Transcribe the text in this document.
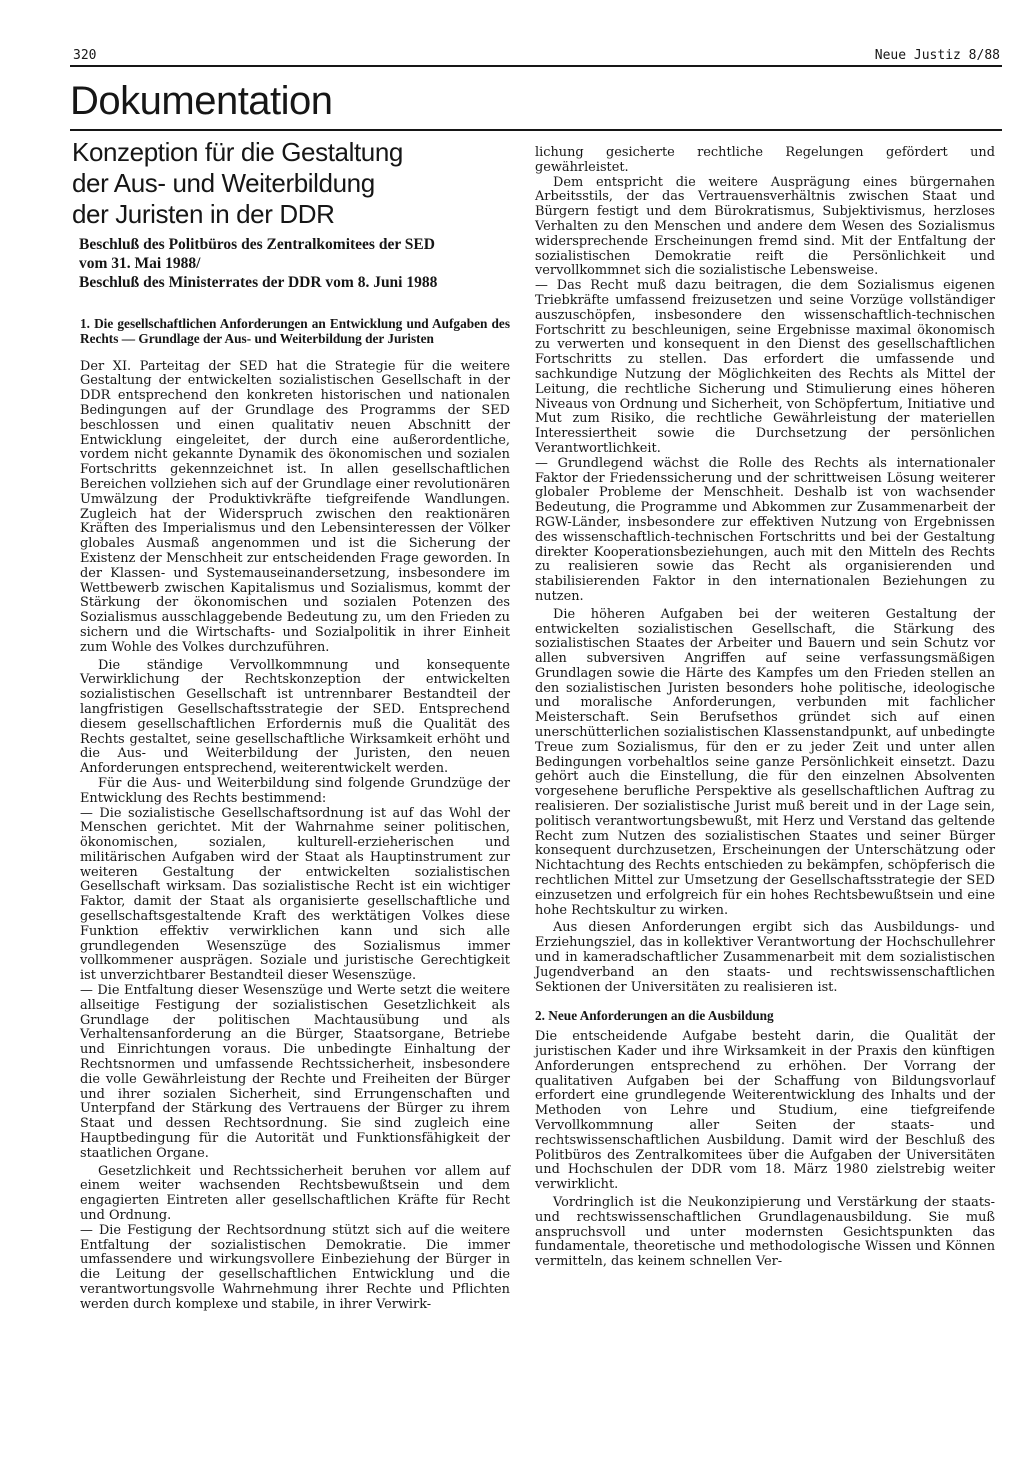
320	Neue Justiz 8/88
Dokumentation
Konzeption für die Gestaltung
der Aus- und Weiterbildung
der Juristen in der DDR
Beschluß des Politbüros des Zentralkomitees der SED
vom 31. Mai 1988/
Beschluß des Ministerrates der DDR vom 8. Juni 1988
1. Die gesellschaftlichen Anforderungen an Entwicklung und Aufgaben des Rechts — Grundlage der Aus- und Weiterbildung der Juristen

Der XI. Parteitag der SED hat die Strategie für die weitere Gestaltung der entwickelten sozialistischen Gesellschaft in der DDR entsprechend den konkreten historischen und nationalen Bedingungen auf der Grundlage des Programms der SED beschlossen und einen qualitativ neuen Abschnitt der Entwicklung eingeleitet, der durch eine außerordentliche, vordem nicht gekannte Dynamik des ökonomischen und sozialen Fortschritts gekennzeichnet ist. In allen gesellschaftlichen Bereichen vollziehen sich auf der Grundlage einer revolutionären Umwälzung der Produktivkräfte tiefgreifende Wandlungen. Zugleich hat der Widerspruch zwischen den reaktionären Kräften des Imperialismus und den Lebensinteressen der Völker globales Ausmaß angenommen und ist die Sicherung der Existenz der Menschheit zur entscheidenden Frage geworden. In der Klassen- und Systemauseinandersetzung, insbesondere im Wettbewerb zwischen Kapitalismus und Sozialismus, kommt der Stärkung der ökonomischen und sozialen Potenzen des Sozialismus ausschlaggebende Bedeutung zu, um den Frieden zu sichern und die Wirtschafts- und Sozialpolitik in ihrer Einheit zum Wohle des Volkes durchzuführen.

Die ständige Vervollkommnung und konsequente Verwirklichung der Rechtskonzeption der entwickelten sozialistischen Gesellschaft ist untrennbarer Bestandteil der langfristigen Gesellschaftsstrategie der SED. Entsprechend diesem gesellschaftlichen Erfordernis muß die Qualität des Rechts gestaltet, seine gesellschaftliche Wirksamkeit erhöht und die Aus- und Weiterbildung der Juristen, den neuen Anforderungen entsprechend, weiterentwickelt werden.

Für die Aus- und Weiterbildung sind folgende Grundzüge der Entwicklung des Rechts bestimmend:

— Die sozialistische Gesellschaftsordnung ist auf das Wohl der Menschen gerichtet. Mit der Wahrnahme seiner politischen, ökonomischen, sozialen, kulturell-erzieherischen und militärischen Aufgaben wird der Staat als Hauptinstrument zur weiteren Gestaltung der entwickelten sozialistischen Gesellschaft wirksam. Das sozialistische Recht ist ein wichtiger Faktor, damit der Staat als organisierte gesellschaftliche und gesellschaftsgestaltende Kraft des werktätigen Volkes diese Funktion effektiv verwirklichen kann und sich alle grundlegenden Wesenszüge des Sozialismus immer vollkommener ausprägen. Soziale und juristische Gerechtigkeit ist unverzichtbarer Bestandteil dieser Wesenszüge.

— Die Entfaltung dieser Wesenszüge und Werte setzt die weitere allseitige Festigung der sozialistischen Gesetzlichkeit als Grundlage der politischen Machtausübung und als Verhaltensanforderung an die Bürger, Staatsorgane, Betriebe und Einrichtungen voraus. Die unbedingte Einhaltung der Rechtsnormen und umfassende Rechtssicherheit, insbesondere die volle Gewährleistung der Rechte und Freiheiten der Bürger und ihrer sozialen Sicherheit, sind Errungenschaften und Unterpfand der Stärkung des Vertrauens der Bürger zu ihrem Staat und dessen Rechtsordnung. Sie sind zugleich eine Hauptbedingung für die Autorität und Funktionsfähigkeit der staatlichen Organe.

Gesetzlichkeit und Rechtssicherheit beruhen vor allem auf einem weiter wachsenden Rechtsbewußtsein und dem engagierten Eintreten aller gesellschaftlichen Kräfte für Recht und Ordnung.

— Die Festigung der Rechtsordnung stützt sich auf die weitere Entfaltung der sozialistischen Demokratie. Die immer umfassendere und wirkungsvollere Einbeziehung der Bürger in die Leitung der gesellschaftlichen Entwicklung und die verantwortungsvolle Wahrnehmung ihrer Rechte und Pflichten werden durch komplexe und stabile, in ihrer Verwirk-

lichung gesicherte rechtliche Regelungen gefördert und gewährleistet.

Dem entspricht die weitere Ausprägung eines bürgernahen Arbeitsstils, der das Vertrauensverhältnis zwischen Staat und Bürgern festigt und dem Bürokratismus, Subjektivismus, herzloses Verhalten zu den Menschen und andere dem Wesen des Sozialismus widersprechende Erscheinungen fremd sind. Mit der Entfaltung der sozialistischen Demokratie reift die Persönlichkeit und vervollkommnet sich die sozialistische Lebensweise.

— Das Recht muß dazu beitragen, die dem Sozialismus eigenen Triebkräfte umfassend freizusetzen und seine Vorzüge vollständiger auszuschöpfen, insbesondere den wissenschaftlich-technischen Fortschritt zu beschleunigen, seine Ergebnisse maximal ökonomisch zu verwerten und konsequent in den Dienst des gesellschaftlichen Fortschritts zu stellen. Das erfordert die umfassende und sachkundige Nutzung der Möglichkeiten des Rechts als Mittel der Leitung, die rechtliche Sicherung und Stimulierung eines höheren Niveaus von Ordnung und Sicherheit, von Schöpfertum, Initiative und Mut zum Risiko, die rechtliche Gewährleistung der materiellen Interessiertheit sowie die Durchsetzung der persönlichen Verantwortlichkeit.

— Grundlegend wächst die Rolle des Rechts als internationaler Faktor der Friedenssicherung und der schrittweisen Lösung weiterer globaler Probleme der Menschheit. Deshalb ist von wachsender Bedeutung, die Programme und Abkommen zur Zusammenarbeit der RGW-Länder, insbesondere zur effektiven Nutzung von Ergebnissen des wissenschaftlich-technischen Fortschritts und bei der Gestaltung direkter Kooperationsbeziehungen, auch mit den Mitteln des Rechts zu realisieren sowie das Recht als organisierenden und stabilisierenden Faktor in den internationalen Beziehungen zu nutzen.

Die höheren Aufgaben bei der weiteren Gestaltung der entwickelten sozialistischen Gesellschaft, die Stärkung des sozialistischen Staates der Arbeiter und Bauern und sein Schutz vor allen subversiven Angriffen auf seine verfassungsmäßigen Grundlagen sowie die Härte des Kampfes um den Frieden stellen an den sozialistischen Juristen besonders hohe politische, ideologische und moralische Anforderungen, verbunden mit fachlicher Meisterschaft. Sein Berufsethos gründet sich auf einen unerschütterlichen sozialistischen Klassenstandpunkt, auf unbedingte Treue zum Sozialismus, für den er zu jeder Zeit und unter allen Bedingungen vorbehaltlos seine ganze Persönlichkeit einsetzt. Dazu gehört auch die Einstellung, die für den einzelnen Absolventen vorgesehene berufliche Perspektive als gesellschaftlichen Auftrag zu realisieren. Der sozialistische Jurist muß bereit und in der Lage sein, politisch verantwortungsbewußt, mit Herz und Verstand das geltende Recht zum Nutzen des sozialistischen Staates und seiner Bürger konsequent durchzusetzen, Erscheinungen der Unterschätzung oder Nichtachtung des Rechts entschieden zu bekämpfen, schöpferisch die rechtlichen Mittel zur Umsetzung der Gesellschaftsstrategie der SED einzusetzen und erfolgreich für ein hohes Rechtsbewußtsein und eine hohe Rechtskultur zu wirken.

Aus diesen Anforderungen ergibt sich das Ausbildungs- und Erziehungsziel, das in kollektiver Verantwortung der Hochschullehrer und in kameradschaftlicher Zusammenarbeit mit dem sozialistischen Jugendverband an den staats- und rechtswissenschaftlichen Sektionen der Universitäten zu realisieren ist.

2. Neue Anforderungen an die Ausbildung

Die entscheidende Aufgabe besteht darin, die Qualität der juristischen Kader und ihre Wirksamkeit in der Praxis den künftigen Anforderungen entsprechend zu erhöhen. Der Vorrang der qualitativen Aufgaben bei der Schaffung von Bildungsvorlauf erfordert eine grundlegende Weiterentwicklung des Inhalts und der Methoden von Lehre und Studium, eine tiefgreifende Vervollkommnung aller Seiten der staats- und rechtswissenschaftlichen Ausbildung. Damit wird der Beschluß des Politbüros des Zentralkomitees über die Aufgaben der Universitäten und Hochschulen der DDR vom 18. März 1980 zielstrebig weiter verwirklicht.

Vordringlich ist die Neukonzipierung und Verstärkung der staats- und rechtswissenschaftlichen Grundlagenausbildung. Sie muß anspruchsvoll und unter modernsten Gesichtspunkten das fundamentale, theoretische und methodologische Wissen und Können vermitteln, das keinem schnellen Ver-
